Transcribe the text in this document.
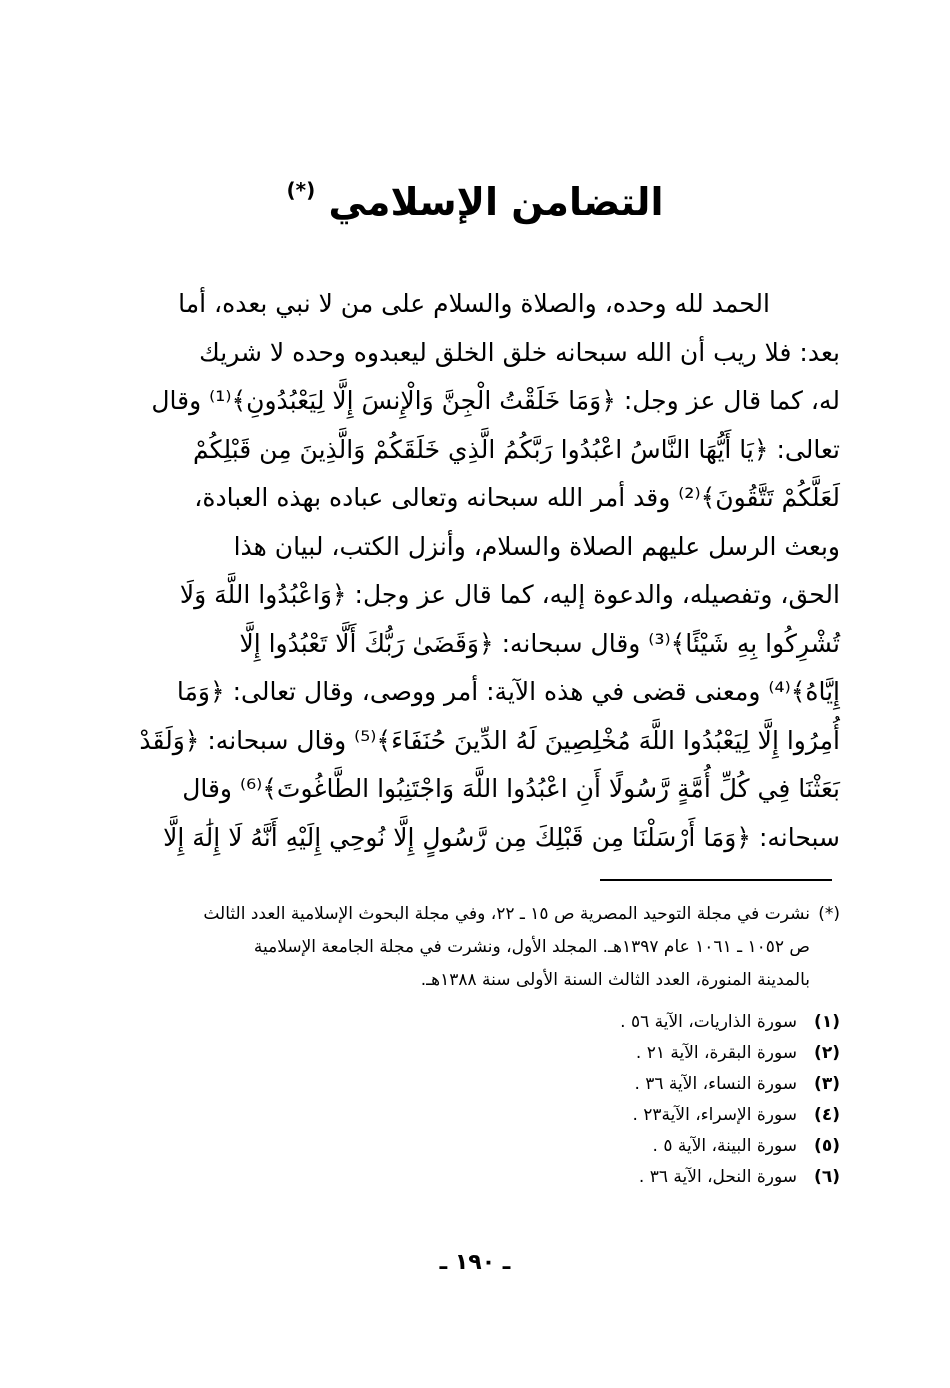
التضامن الإسلامي (*)
الحمد لله وحده، والصلاة والسلام على من لا نبي بعده، أما
بعد: فلا ريب أن الله سبحانه خلق الخلق ليعبدوه وحده لا شريك
له، كما قال عز وجل: ﴿وَمَا خَلَقْتُ الْجِنَّ وَالْإِنسَ إِلَّا لِيَعْبُدُونِ﴾⁽¹⁾ وقال
تعالى: ﴿يَا أَيُّهَا النَّاسُ اعْبُدُوا رَبَّكُمُ الَّذِي خَلَقَكُمْ وَالَّذِينَ مِن قَبْلِكُمْ
لَعَلَّكُمْ تَتَّقُونَ﴾⁽²⁾ وقد أمر الله سبحانه وتعالى عباده بهذه العبادة،
وبعث الرسل عليهم الصلاة والسلام، وأنزل الكتب، لبيان هذا
الحق، وتفصيله، والدعوة إليه، كما قال عز وجل: ﴿وَاعْبُدُوا اللَّهَ وَلَا
تُشْرِكُوا بِهِ شَيْئًا﴾⁽³⁾ وقال سبحانه: ﴿وَقَضَىٰ رَبُّكَ أَلَّا تَعْبُدُوا إِلَّا
إِيَّاهُ﴾⁽⁴⁾ ومعنى قضى في هذه الآية: أمر ووصى، وقال تعالى: ﴿وَمَا
أُمِرُوا إِلَّا لِيَعْبُدُوا اللَّهَ مُخْلِصِينَ لَهُ الدِّينَ حُنَفَاءَ﴾⁽⁵⁾ وقال سبحانه: ﴿وَلَقَدْ
بَعَثْنَا فِي كُلِّ أُمَّةٍ رَّسُولًا أَنِ اعْبُدُوا اللَّهَ وَاجْتَنِبُوا الطَّاغُوتَ﴾⁽⁶⁾ وقال
سبحانه: ﴿وَمَا أَرْسَلْنَا مِن قَبْلِكَ مِن رَّسُولٍ إِلَّا نُوحِي إِلَيْهِ أَنَّهُ لَا إِلَٰهَ إِلَّا
(*)
نشرت في مجلة التوحيد المصرية ص ١٥ ـ ٢٢، وفي مجلة البحوث الإسلامية العدد الثالث
ص ١٠٥٢ ـ ١٠٦١ عام ١٣٩٧هـ. المجلد الأول، ونشرت في مجلة الجامعة الإسلامية
بالمدينة المنورة، العدد الثالث السنة الأولى سنة ١٣٨٨هـ.
(١)
سورة الذاريات، الآية ٥٦ .
(٢)
سورة البقرة، الآية ٢١ .
(٣)
سورة النساء، الآية ٣٦ .
(٤)
سورة الإسراء، الآية٢٣ .
(٥)
سورة البينة، الآية ٥ .
(٦)
سورة النحل، الآية ٣٦ .
ـ ١٩٠ ـ
